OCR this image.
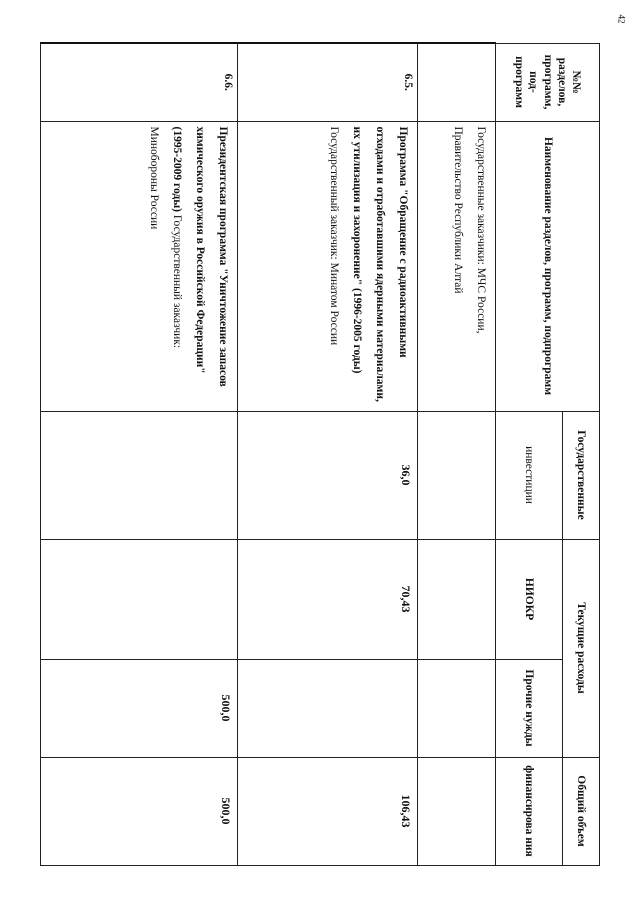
42
№№ разделов, программ, под-программ	Наименование разделов, программ, подпрограмм	Государственные	Текущие расходы		Общий объем
		инвестиции	НИОКР	Прочие нужды	финансирова ния
	Государственные заказчики: МЧС России, Правительство Республики Алтай				
6.5.	Программа "Обращение с радиоактивными отходами и отработавшими ядерными материалами, их утилизация и захоронение" (1996-2005 годы) Государственный заказчик: Минатом России	36,0	70,43		106,43
6.6.	Президентская программа "Уничтожение запасов химического оружия в Российской Федерации" (1995-2009 годы) Государственный заказчик: Минобороны России			500,0	500,0
